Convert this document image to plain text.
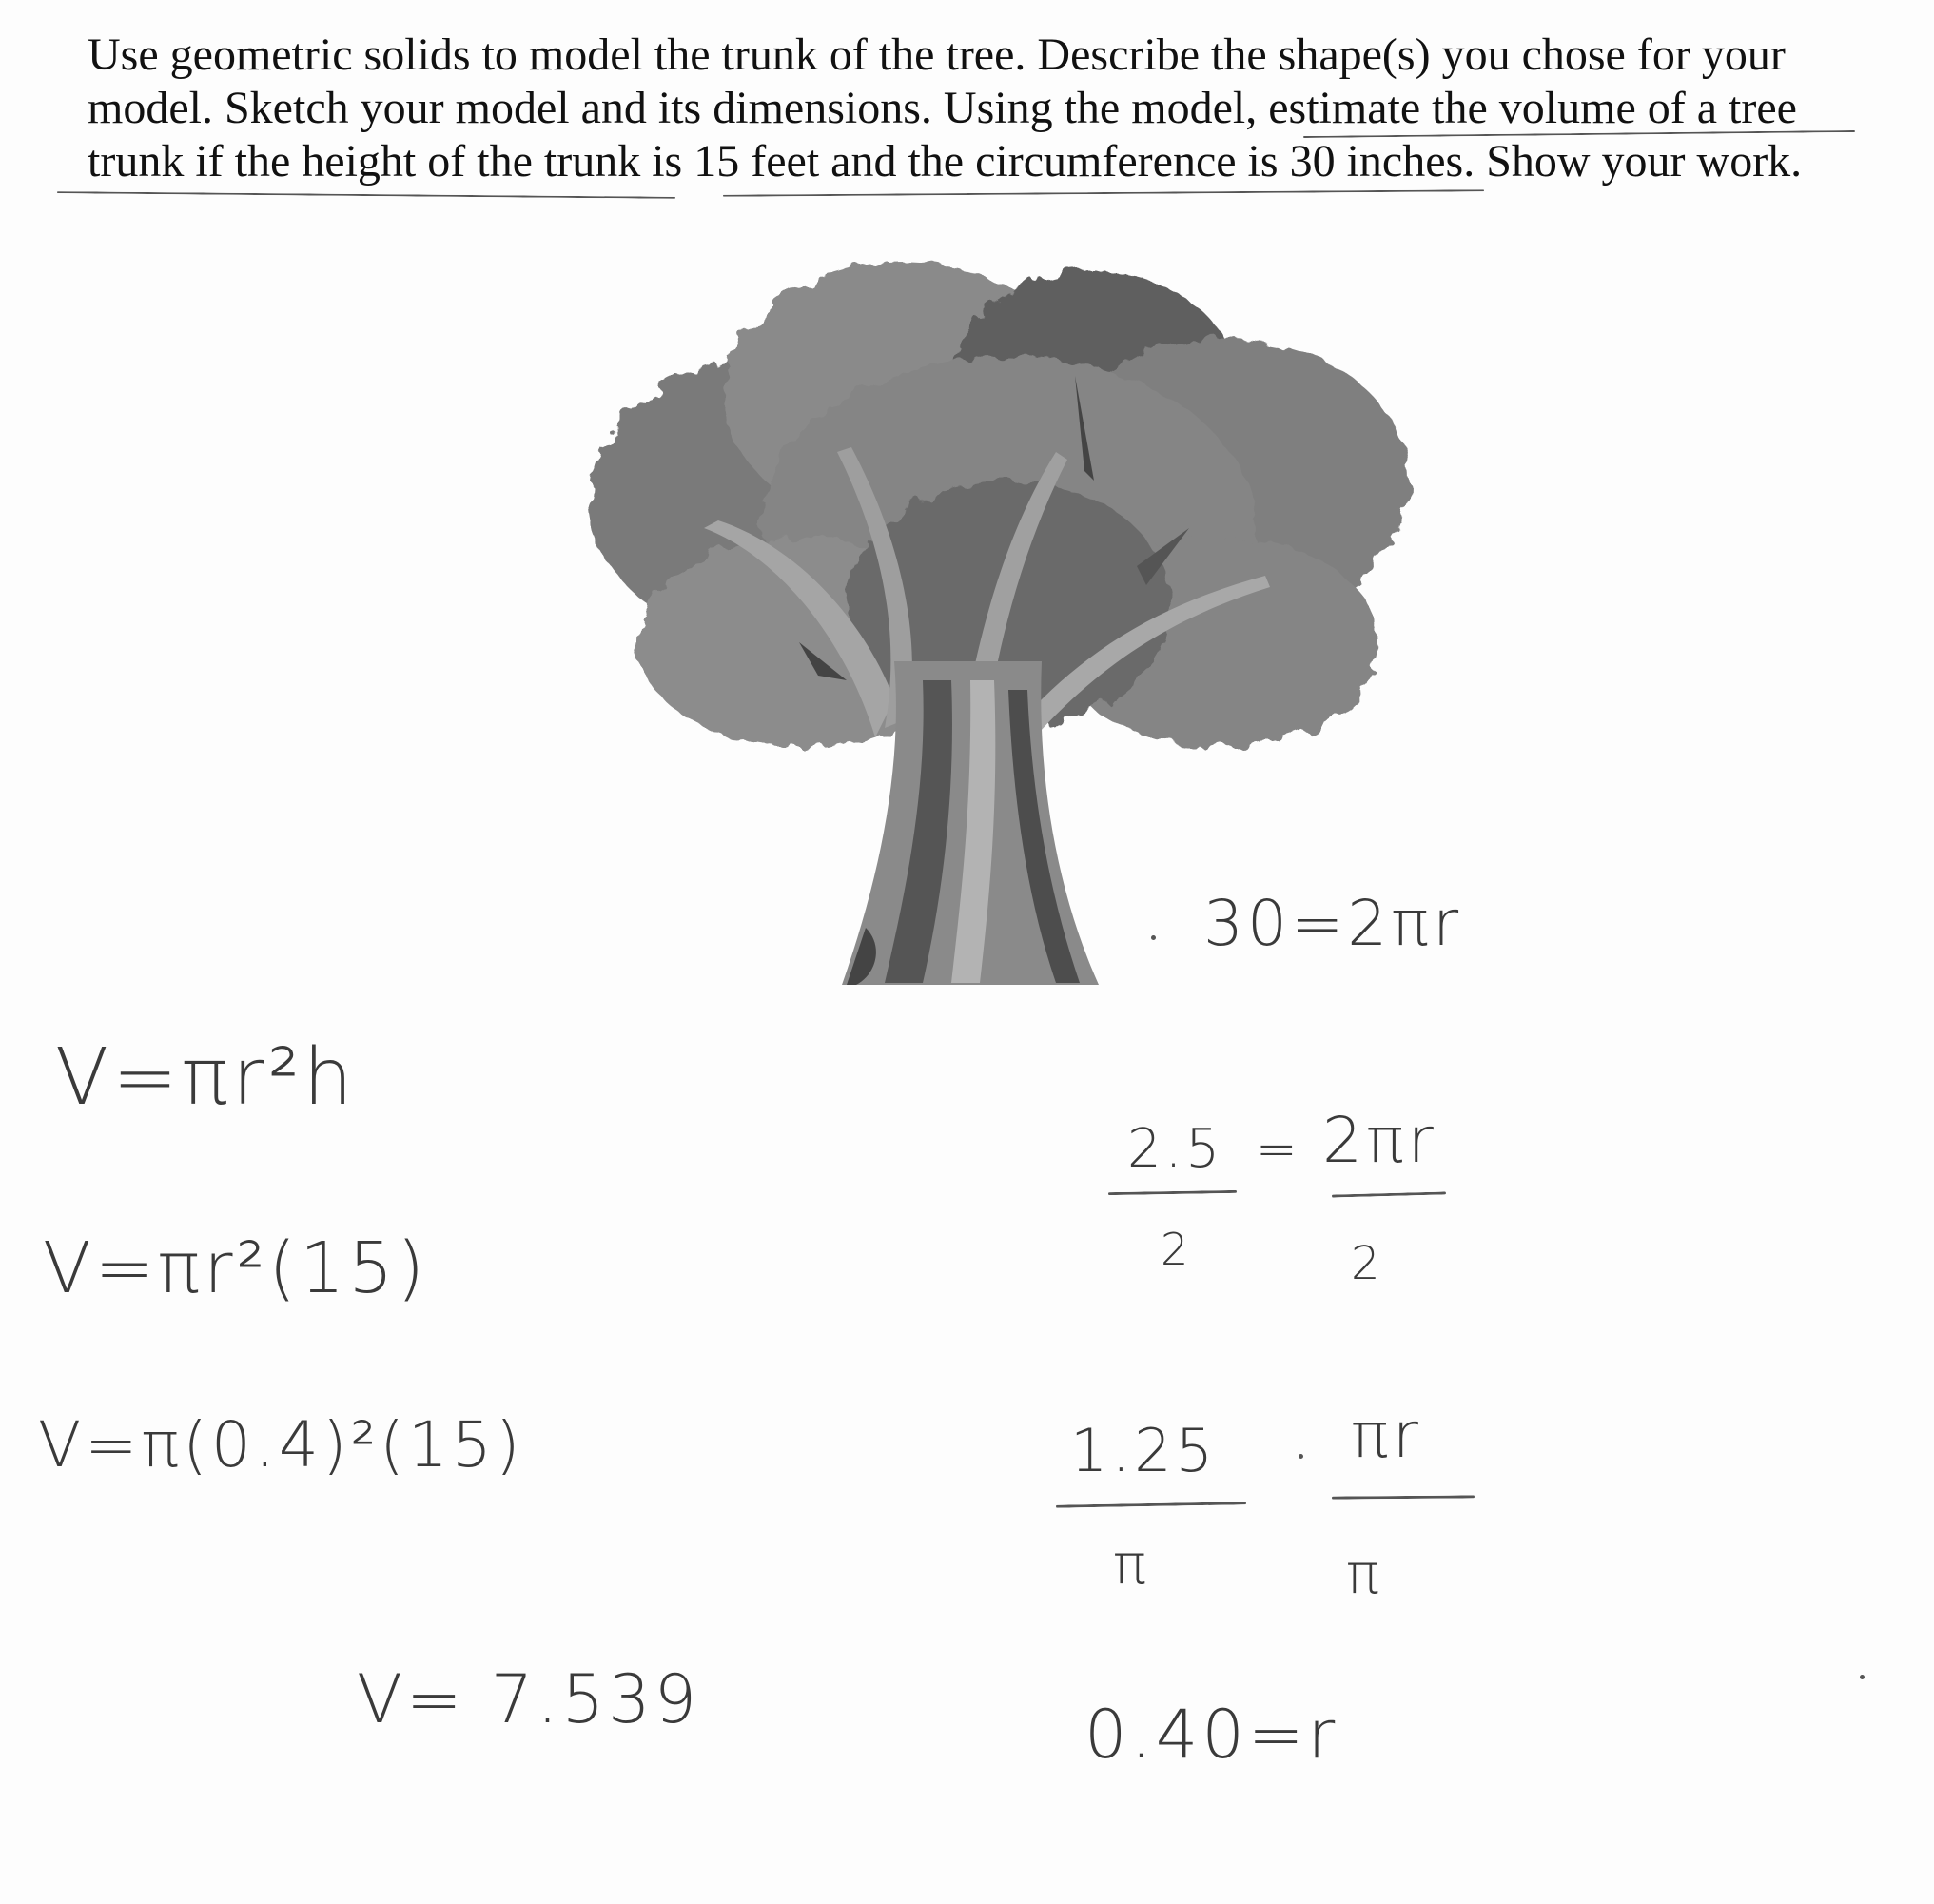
Use geometric solids to model the trunk of the tree. Describe the shape(s) you chose for your
model. Sketch your model and its dimensions. Using the model, estimate the volume of a tree
trunk if the height of the trunk is 15 feet and the circumference is 30 inches. Show your work.
30=2πr
2.5 = 2πr
2	2
1.25 πr
π	π
0.40=r
V=πr²h
V=πr²(15)
V=π(0.4)²(15)
V= 7.539
